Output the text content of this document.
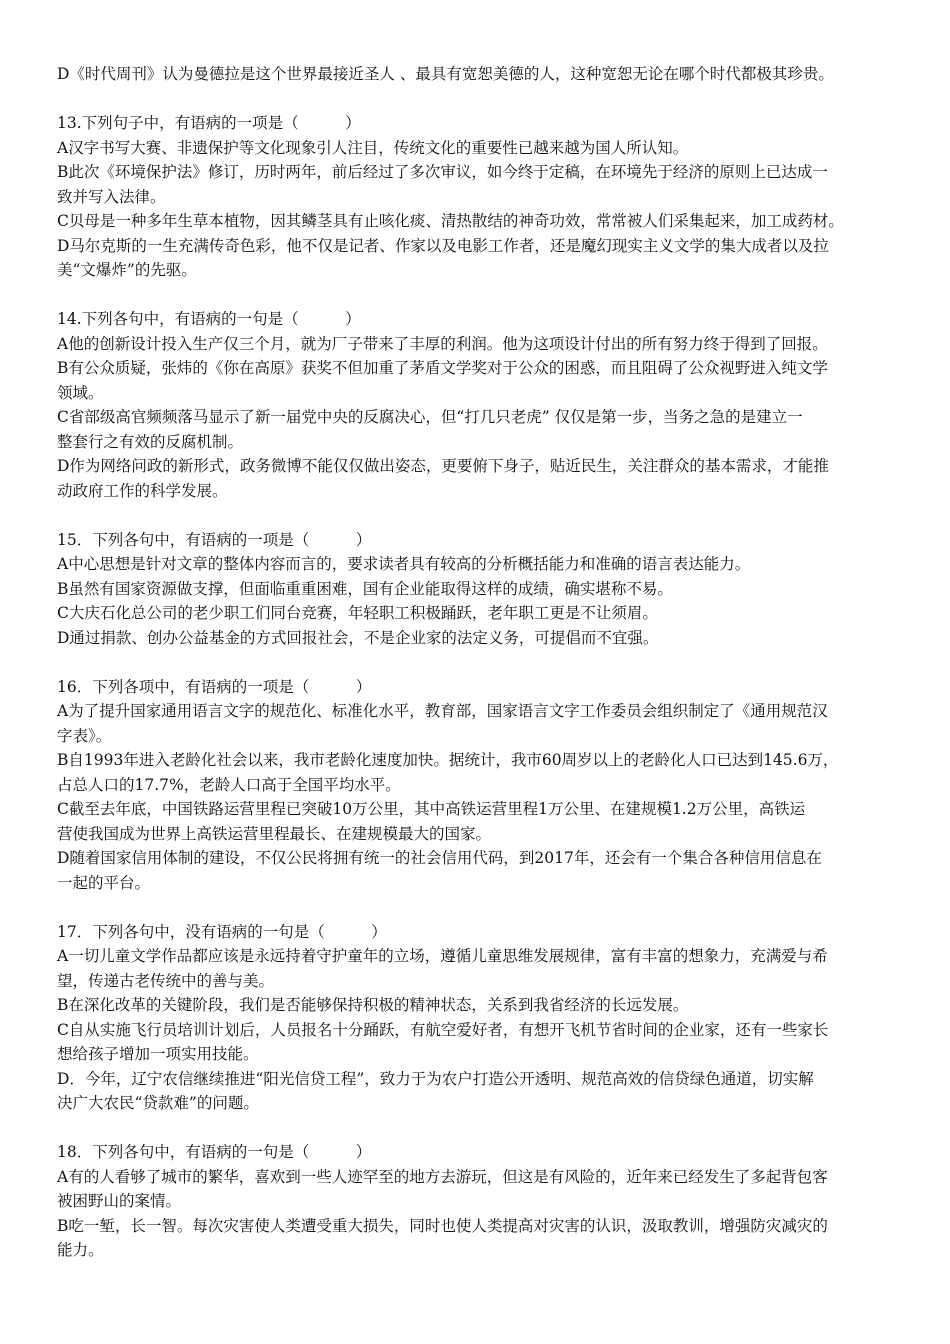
D《时代周刊》认为曼德拉是这个世界最接近圣人 、最具有宽恕美德的人，这种宽恕无论在哪个时代都极其珍贵。

13.下列句子中，有语病的一项是（　　　）

A汉字书写大赛、非遗保护等文化现象引人注目，传统文化的重要性已越来越为国人所认知。

B此次《环境保护法》修订，历时两年，前后经过了多次审议，如今终于定稿，在环境先于经济的原则上已达成一

致并写入法律。

C贝母是一种多年生草本植物，因其鳞茎具有止咳化痰、清热散结的神奇功效，常常被人们采集起来，加工成药材。

D马尔克斯的一生充满传奇色彩，他不仅是记者、作家以及电影工作者，还是魔幻现实主义文学的集大成者以及拉

美“文爆炸”的先驱。

14.下列各句中，有语病的一句是（　　　）

A他的创新设计投入生产仅三个月，就为厂子带来了丰厚的利润。他为这项设计付出的所有努力终于得到了回报。

B有公众质疑，张炜的《你在高原》获奖不但加重了茅盾文学奖对于公众的困惑，而且阻碍了公众视野进入纯文学

领域。

C省部级高官频频落马显示了新一届党中央的反腐决心，但“打几只老虎” 仅仅是第一步，当务之急的是建立一

整套行之有效的反腐机制。

D作为网络问政的新形式，政务微博不能仅仅做出姿态，更要俯下身子，贴近民生，关注群众的基本需求，才能推

动政府工作的科学发展。

15．下列各句中，有语病的一项是（　　　）

A中心思想是针对文章的整体内容而言的，要求读者具有较高的分析概括能力和准确的语言表达能力。

B虽然有国家资源做支撑，但面临重重困难，国有企业能取得这样的成绩，确实堪称不易。

C大庆石化总公司的老少职工们同台竞赛，年轻职工积极踊跃，老年职工更是不让须眉。

D通过捐款、创办公益基金的方式回报社会，不是企业家的法定义务，可提倡而不宜强。

16．下列各项中，有语病的一项是（　　　）

A为了提升国家通用语言文字的规范化、标准化水平，教育部，国家语言文字工作委员会组织制定了《通用规范汉

字表》。

B自1993年进入老龄化社会以来，我市老龄化速度加快。据统计，我市60周岁以上的老龄化人口已达到145.6万，

占总人口的17.7%，老龄人口高于全国平均水平。

C截至去年底，中国铁路运营里程已突破10万公里，其中高铁运营里程1万公里、在建规模1.2万公里，高铁运

营使我国成为世界上高铁运营里程最长、在建规模最大的国家。

D随着国家信用体制的建设，不仅公民将拥有统一的社会信用代码，到2017年，还会有一个集合各种信用信息在

一起的平台。

17．下列各句中，没有语病的一句是（　　　）

A一切儿童文学作品都应该是永远持着守护童年的立场，遵循儿童思维发展规律，富有丰富的想象力，充满爱与希

望，传递古老传统中的善与美。

B在深化改革的关键阶段，我们是否能够保持积极的精神状态，关系到我省经济的长远发展。

C自从实施飞行员培训计划后，人员报名十分踊跃，有航空爱好者，有想开飞机节省时间的企业家，还有一些家长

想给孩子增加一项实用技能。

D．今年，辽宁农信继续推进“阳光信贷工程”，致力于为农户打造公开透明、规范高效的信贷绿色通道，切实解

决广大农民“贷款难”的问题。

18．下列各句中，有语病的一句是（　　　）

A有的人看够了城市的繁华，喜欢到一些人迹罕至的地方去游玩，但这是有风险的，近年来已经发生了多起背包客

被困野山的案情。

B吃一堑，长一智。每次灾害使人类遭受重大损失，同时也使人类提高对灾害的认识，汲取教训，增强防灾减灾的

能力。
